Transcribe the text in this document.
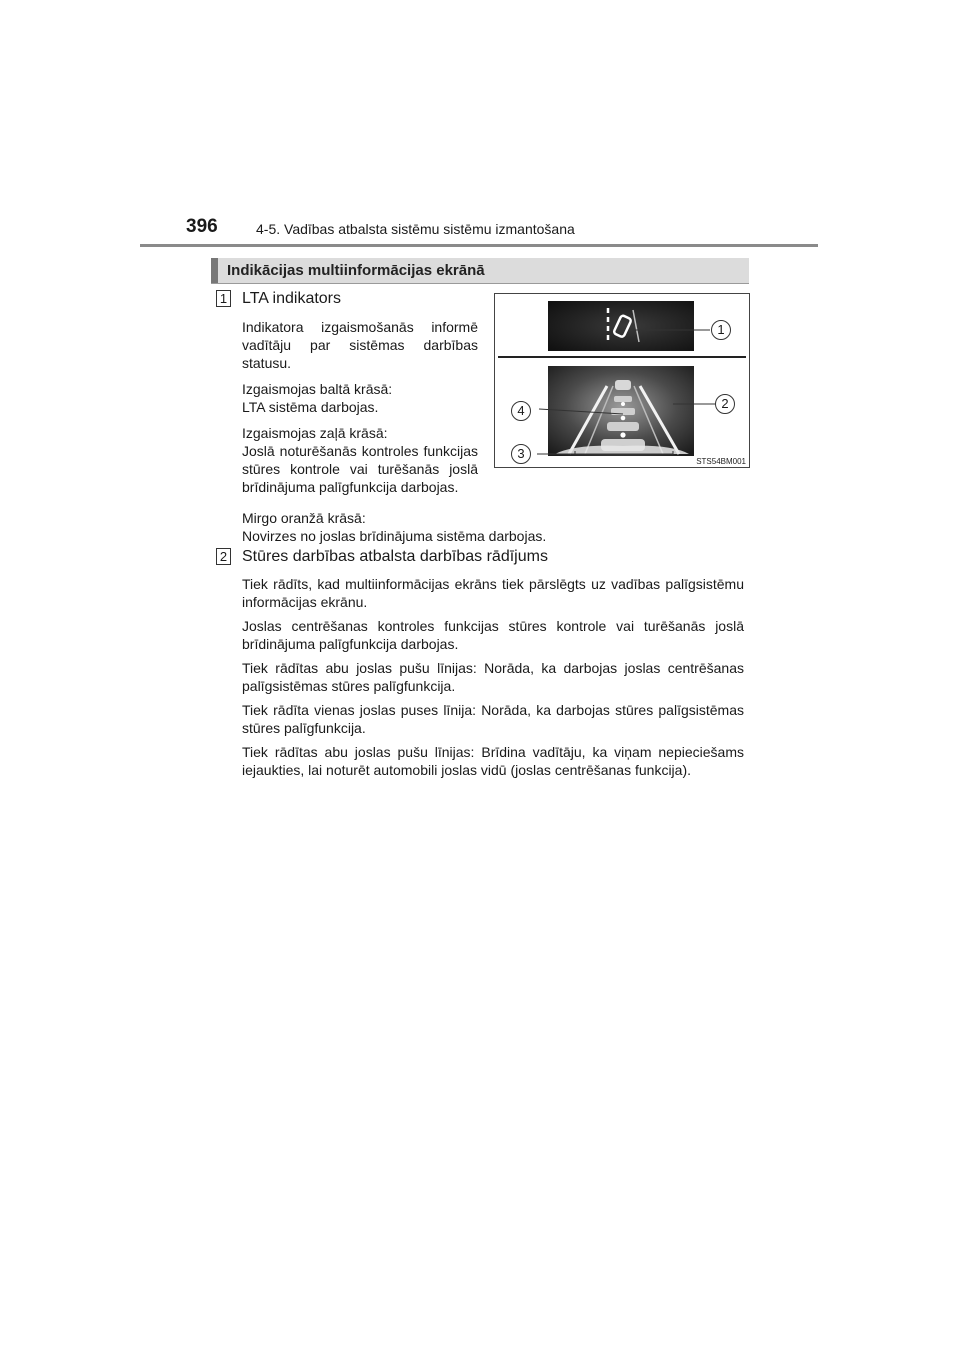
396	4-5. Vadības atbalsta sistēmu sistēmu izmantošana
Indikācijas multiinformācijas ekrānā
1 LTA indikators

Indikatora izgaismošanās informē vadītāju par sistēmas darbības statusu.

Izgaismojas baltā krāsā:

LTA sistēma darbojas.

Izgaismojas zaļā krāsā:

Joslā noturēšanās kontroles funkcijas stūres kontrole vai turēšanās joslā brīdinājuma palīgfunkcija darbojas.

Mirgo oranžā krāsā:

Novirzes no joslas brīdinājuma sistēma darbojas.

1
2
3
4
STS54BM001
2 Stūres darbības atbalsta darbības rādījums

Tiek rādīts, kad multiinformācijas ekrāns tiek pārslēgts uz vadības palīgsistēmu informācijas ekrānu.

Joslas centrēšanas kontroles funkcijas stūres kontrole vai turēšanās joslā brīdinājuma palīgfunkcija darbojas.

Tiek rādītas abu joslas pušu līnijas: Norāda, ka darbojas joslas centrēšanas palīgsistēmas stūres palīgfunkcija.

Tiek rādīta vienas joslas puses līnija: Norāda, ka darbojas stūres palīgsistēmas stūres palīgfunkcija.

Tiek rādītas abu joslas pušu līnijas: Brīdina vadītāju, ka viņam nepieciešams iejaukties, lai noturēt automobili joslas vidū (joslas centrēšanas funkcija).
